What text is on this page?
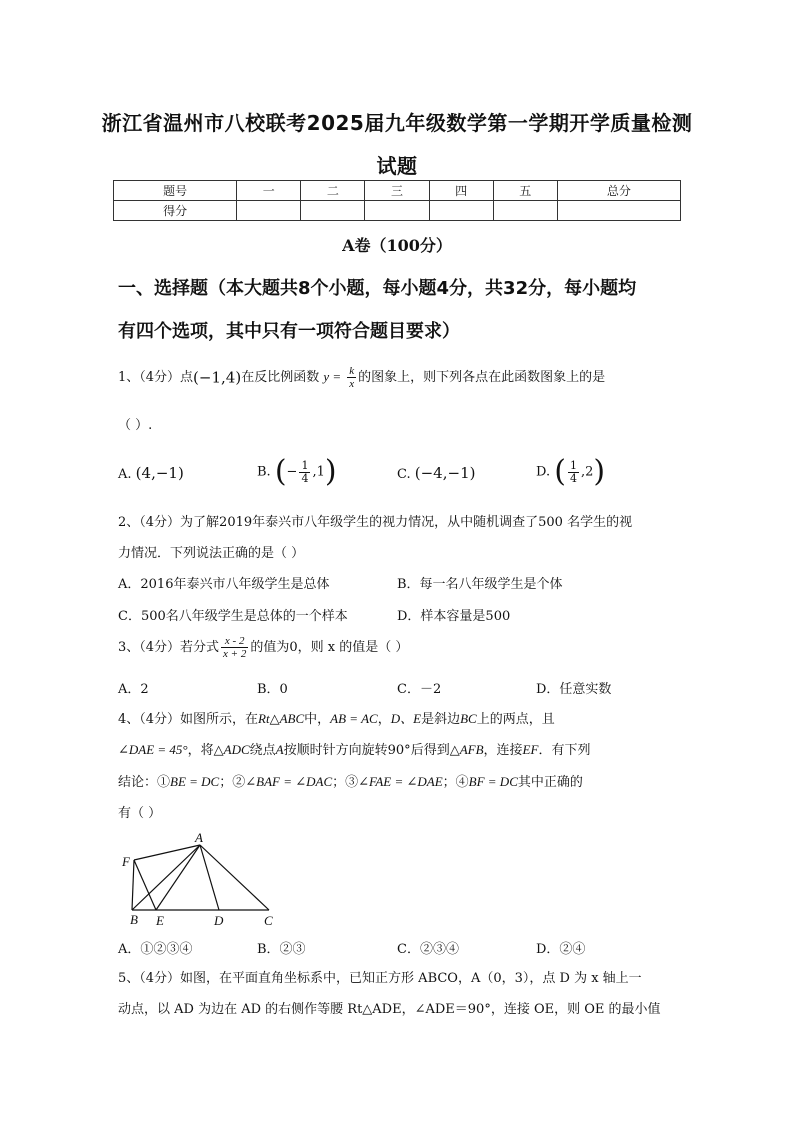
浙江省温州市八校联考2025届九年级数学第一学期开学质量检测
试题
题号	一	二	三	四	五	总分
得分						
A卷（100分）
一、选择题（本大题共8个小题，每小题4分，共32分，每小题均
有四个选项，其中只有一项符合题目要求）
1、（4分）点(−1,4)在反比例函数 $y = \frac{k}{x}$ 的图象上，则下列各点在此函数图象上的是
（ ）.
A. (4,−1)	B. (− $\frac{1}{4} ,1$)	C. (−4,−1)	D. ( $\frac{1}{4} ,2$)
2、（4分）为了解2019年泰兴市八年级学生的视力情况，从中随机调查了500 名学生的视
力情况．下列说法正确的是（ ）
A．2016年泰兴市八年级学生是总体	B．每一名八年级学生是个体
C．500名八年级学生是总体的一个样本	D．样本容量是500
3、（4分）若分式 $\frac{x - 2}{x + 2}$ 的值为0，则 x 的值是（ ）
A．2	B．0	C．－2	D．任意实数
4、（4分）如图所示，在Rt△ABC中，AB = AC，D、E是斜边BC上的两点，且
∠DAE = 45°，将△ADC绕点A按顺时针方向旋转90°后得到△AFB，连接EF．有下列
结论：①BE = DC；②∠BAF = ∠DAC；③∠FAE = ∠DAE；④BF = DC其中正确的
有（ ）
A
F
B E	D	C
A．①②③④	B．②③	C．②③④	D．②④
5、（4分）如图，在平面直角坐标系中，已知正方形 ABCO，A（0，3），点 D 为 x 轴上一
动点，以 AD 为边在 AD 的右侧作等腰 Rt△ADE，∠ADE＝90°，连接 OE，则 OE 的最小值
